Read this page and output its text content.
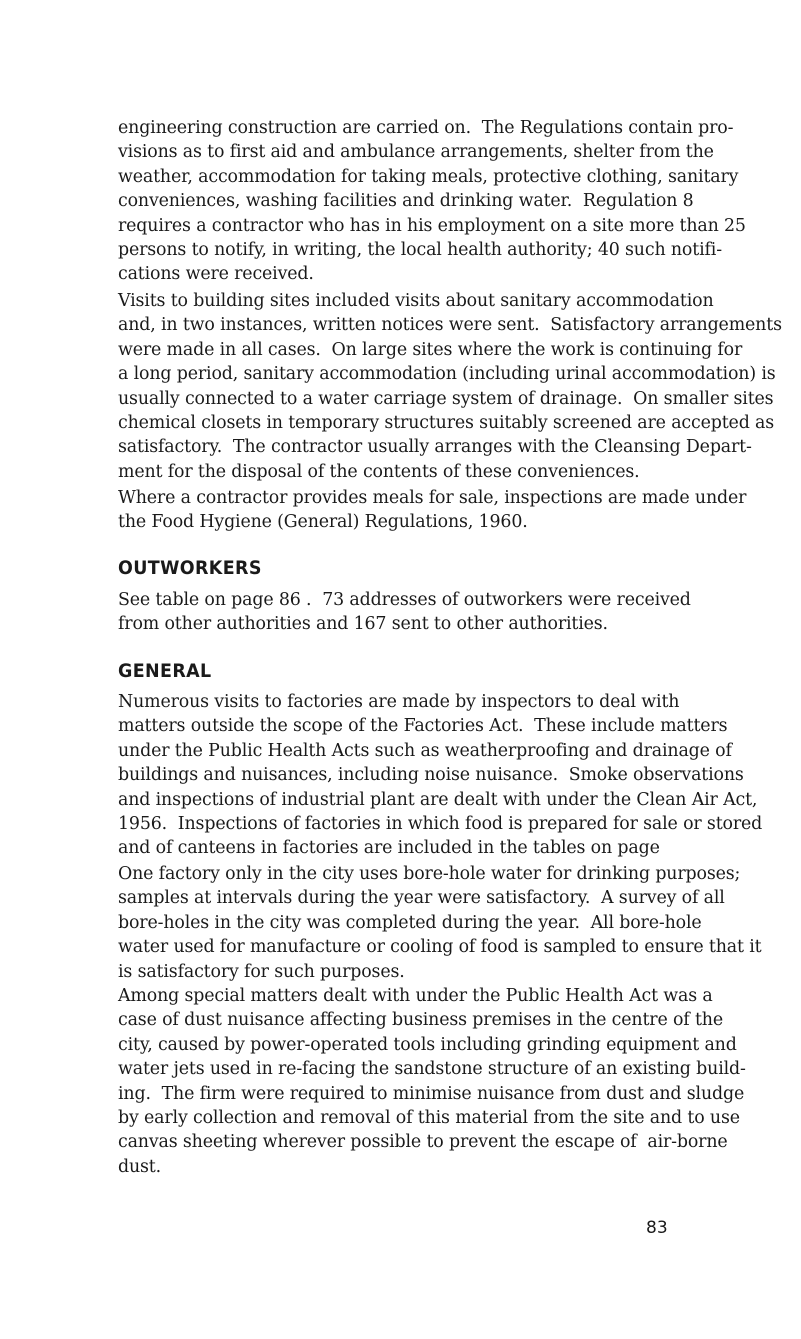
engineering construction are carried on.  The Regulations contain pro-
visions as to first aid and ambulance arrangements, shelter from the
weather, accommodation for taking meals, protective clothing, sanitary
conveniences, washing facilities and drinking water.  Regulation 8
requires a contractor who has in his employment on a site more than 25
persons to notify, in writing, the local health authority; 40 such notifi-
cations were received.
Visits to building sites included visits about sanitary accommodation
and, in two instances, written notices were sent.  Satisfactory arrangements
were made in all cases.  On large sites where the work is continuing for
a long period, sanitary accommodation (including urinal accommodation) is
usually connected to a water carriage system of drainage.  On smaller sites
chemical closets in temporary structures suitably screened are accepted as
satisfactory.  The contractor usually arranges with the Cleansing Depart-
ment for the disposal of the contents of these conveniences.
Where a contractor provides meals for sale, inspections are made under
the Food Hygiene (General) Regulations, 1960.
OUTWORKERS
See table on page 86 .  73 addresses of outworkers were received
from other authorities and 167 sent to other authorities.
GENERAL
Numerous visits to factories are made by inspectors to deal with
matters outside the scope of the Factories Act.  These include matters
under the Public Health Acts such as weatherproofing and drainage of
buildings and nuisances, including noise nuisance.  Smoke observations
and inspections of industrial plant are dealt with under the Clean Air Act,
1956.  Inspections of factories in which food is prepared for sale or stored
and of canteens in factories are included in the tables on page
One factory only in the city uses bore-hole water for drinking purposes;
samples at intervals during the year were satisfactory.  A survey of all
bore-holes in the city was completed during the year.  All bore-hole
water used for manufacture or cooling of food is sampled to ensure that it
is satisfactory for such purposes.
Among special matters dealt with under the Public Health Act was a
case of dust nuisance affecting business premises in the centre of the
city, caused by power-operated tools including grinding equipment and
water jets used in re-facing the sandstone structure of an existing build-
ing.  The firm were required to minimise nuisance from dust and sludge
by early collection and removal of this material from the site and to use
canvas sheeting wherever possible to prevent the escape of  air-borne
dust.
83
